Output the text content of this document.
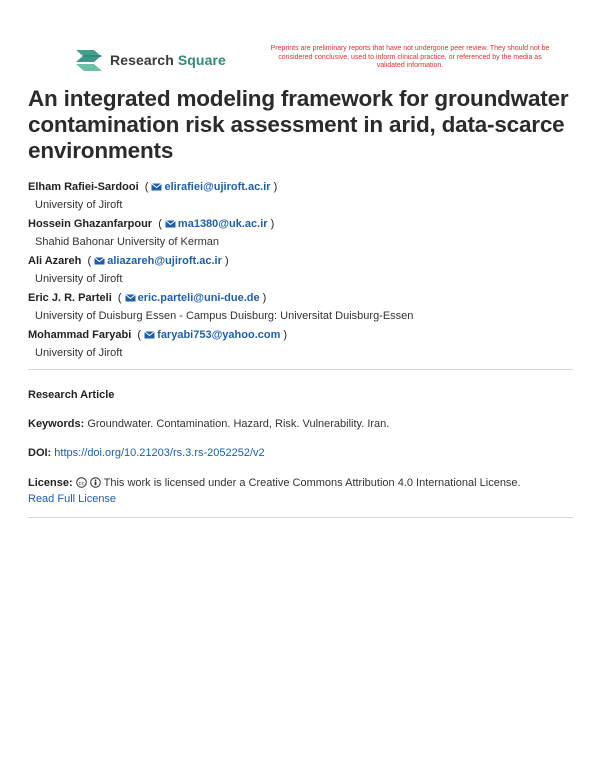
Research Square
Preprints are preliminary reports that have not undergone peer review. They should not be considered conclusive, used to inform clinical practice, or referenced by the media as validated information.
An integrated modeling framework for groundwater contamination risk assessment in arid, data-scarce environments
Elham Rafiei-Sardooi  ( elirafiei@ujiroft.ac.ir )
University of Jiroft
Hossein Ghazanfarpour  ( ma1380@uk.ac.ir )
Shahid Bahonar University of Kerman
Ali Azareh  ( aliazareh@ujiroft.ac.ir )
University of Jiroft
Eric J. R. Parteli  ( eric.parteli@uni-due.de )
University of Duisburg Essen - Campus Duisburg: Universitat Duisburg-Essen
Mohammad Faryabi  ( faryabi753@yahoo.com )
University of Jiroft
Research Article
Keywords: Groundwater. Contamination. Hazard, Risk. Vulnerability. Iran.
DOI: https://doi.org/10.21203/rs.3.rs-2052252/v2
License: cc This work is licensed under a Creative Commons Attribution 4.0 International License.
Read Full License
